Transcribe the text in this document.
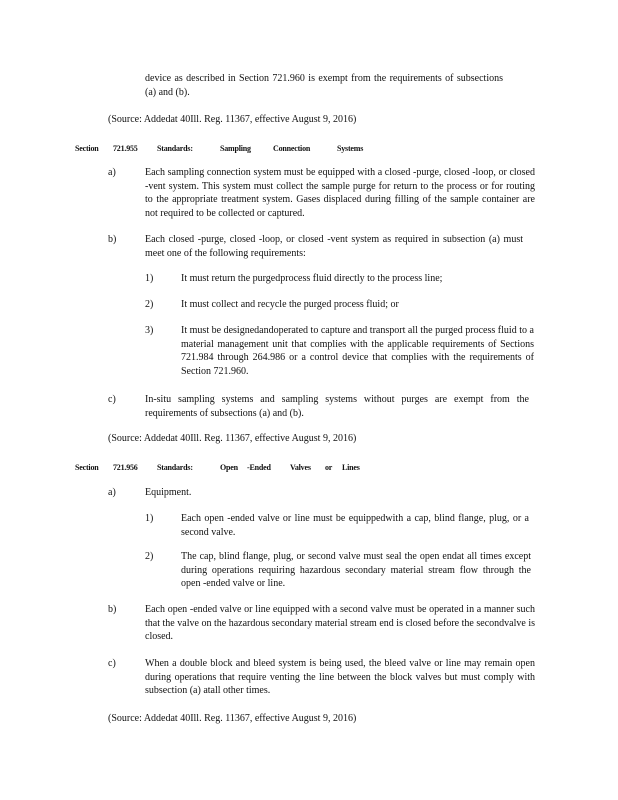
device as described in Section 721.960 is exempt from the requirements of subsections (a) and (b).
(Source: Addedat 40Ill. Reg. 11367, effective August 9, 2016)
Section 721.955 Standards:	Sampling	Connection	Systems
a)	Each sampling connection system must be equipped with a closed -purge, closed -loop, or closed -vent system. This system must collect the sample purge for return to the process or for routing to the appropriate treatment system. Gases displaced during filling of the sample container are not required to be collected or captured.
b)	Each closed -purge, closed -loop, or closed -vent system as required in subsection (a) must meet one of the following requirements:
1)	It must return the purgedprocess fluid directly to the process line;
2)	It must collect and recycle the purged process fluid; or
3)	It must be designedandoperated to capture and transport all the purged process fluid to a material management unit that complies with the applicable requirements of Sections 721.984 through 264.986 or a control device that complies with the requirements of Section 721.960.
c)	In-situ sampling systems and sampling systems without purges are exempt from the requirements of subsections (a) and (b).
(Source: Addedat 40Ill. Reg. 11367, effective August 9, 2016)
Section 721.956 Standards:	Open -Ended Valves or Lines
a)	Equipment.
1)	Each open -ended valve or line must be equippedwith a cap, blind flange, plug, or a second valve.
2)	The cap, blind flange, plug, or second valve must seal the open endat all times except during operations requiring hazardous secondary material stream flow through the open -ended valve or line.
b)	Each open -ended valve or line equipped with a second valve must be operated in a manner such that the valve on the hazardous secondary material stream end is closed before the secondvalve is closed.
c)	When a double block and bleed system is being used, the bleed valve or line may remain open during operations that require venting the line between the block valves but must comply with subsection (a) atall other times.
(Source: Addedat 40Ill. Reg. 11367, effective August 9, 2016)
